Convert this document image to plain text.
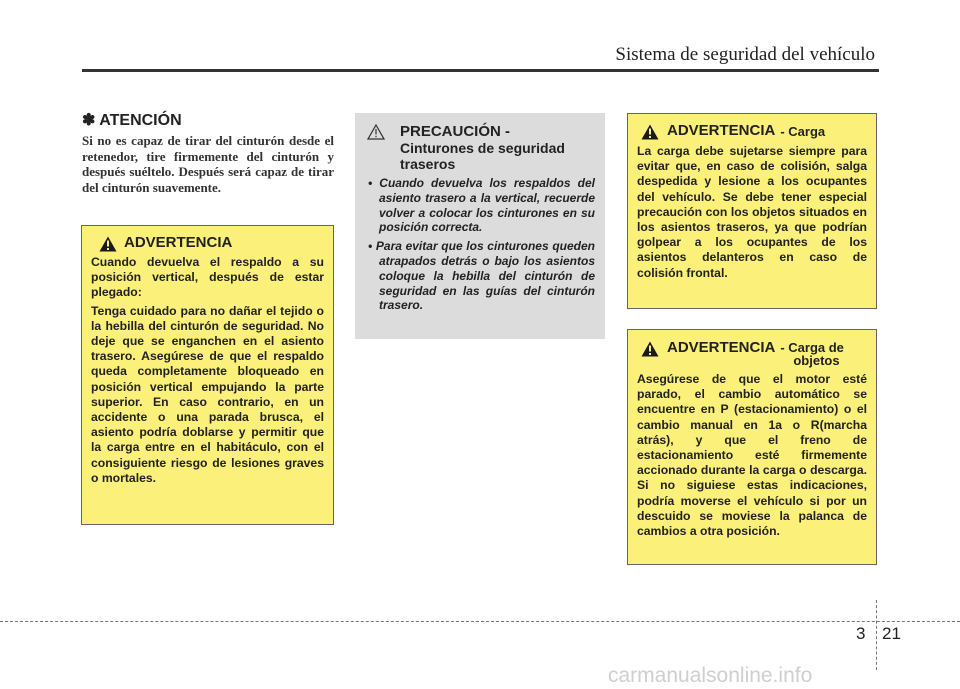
Sistema de seguridad del vehículo
✽ ATENCIÓN
Si no es capaz de tirar del cinturón desde el retenedor, tire firmemente del cinturón y después suéltelo. Después será capaz de tirar del cinturón suavemente.
ADVERTENCIA

Cuando devuelva el respaldo a su posición vertical, después de estar plegado:

Tenga cuidado para no dañar el tejido o la hebilla del cinturón de seguridad. No deje que se enganchen en el asiento trasero. Asegúrese de que el respaldo queda completamente bloqueado en posición vertical empujando la parte superior. En caso contrario, en un accidente o una parada brusca, el asiento podría doblarse y permitir que la carga entre en el habitáculo, con el consiguiente riesgo de lesiones graves o mortales.

PRECAUCIÓN -
Cinturones de seguridad traseros
• Cuando devuelva los respaldos del asiento trasero a la vertical, recuerde volver a colocar los cinturones en su posición correcta.
• Para evitar que los cinturones queden atrapados detrás o bajo los asientos coloque la hebilla del cinturón de seguridad en las guías del cinturón trasero.
ADVERTENCIA - Carga
La carga debe sujetarse siempre para evitar que, en caso de colisión, salga despedida y lesione a los ocupantes del vehículo. Se debe tener especial precaución con los objetos situados en los asientos traseros, ya que podrían golpear a los ocupantes de los asientos delanteros en caso de colisión frontal.
ADVERTENCIA - Carga de
objetos
Asegúrese de que el motor esté parado, el cambio automático se encuentre en P (estacionamiento) o el cambio manual en 1a o R(marcha atrás), y que el freno de estacionamiento esté firmemente accionado durante la carga o descarga. Si no siguiese estas indicaciones, podría moverse el vehículo si por un descuido se moviese la palanca de cambios a otra posición.
3 21
carmanualsonline.info
